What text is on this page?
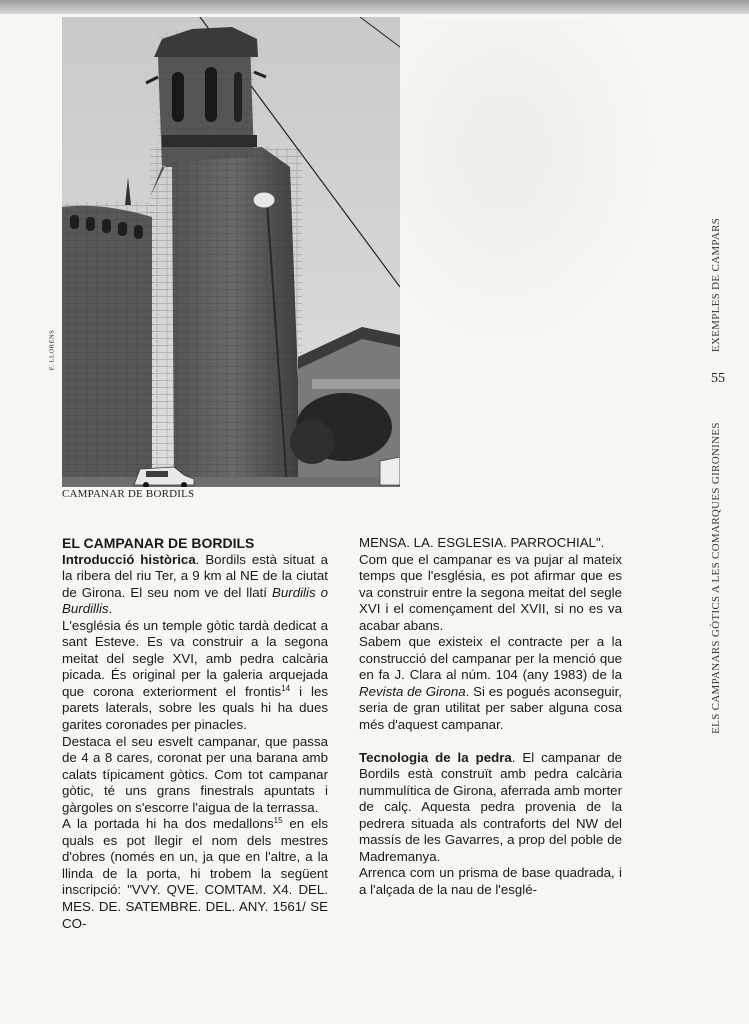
F. LLORENS
CAMPANAR DE BORDILS
EXEMPLES DE CAMPARS
55
ELS CAMPANARS GÒTICS A LES COMARQUES GIRONINES

EL CAMPANAR DE BORDILS

Introducció històrica. Bordils està situat a la ribera del riu Ter, a 9 km al NE de la ciutat de Girona. El seu nom ve del llatí Burdilis o Burdillis.

L'església és un temple gòtic tardà dedicat a sant Esteve. Es va construir a la segona meitat del segle XVI, amb pedra calcària picada. És original per la galeria arquejada que corona exteriorment el frontis$^{14}$ i les parets laterals, sobre les quals hi ha dues garites coronades per pinacles.

Destaca el seu esvelt campanar, que passa de 4 a 8 cares, coronat per una barana amb calats típicament gòtics. Com tot campanar gòtic, té uns grans finestrals apuntats i gàrgoles on s'escorre l'aigua de la terrassa.

A la portada hi ha dos medallons$^{15}$ en els quals es pot llegir el nom dels mestres d'obres (només en un, ja que en l'altre, a la llinda de la porta, hi trobem la següent inscripció: "VVY. QVE. COMTAM. X4. DEL. MES. DE. SATEMBRE. DEL. ANY. 1561/ SE CO-

MENSA. LA. ESGLESIA. PARROCHIAL".

Com que el campanar es va pujar al mateix temps que l'església, es pot afirmar que es va construir entre la segona meitat del segle XVI i el començament del XVII, si no es va acabar abans.

Sabem que existeix el contracte per a la construcció del campanar per la menció que en fa J. Clara al núm. 104 (any 1983) de la Revista de Girona. Si es pogués aconseguir, seria de gran utilitat per saber alguna cosa més d'aquest campanar.

Tecnologia de la pedra. El campanar de Bordils està construït amb pedra calcària nummulítica de Girona, aferrada amb morter de calç. Aquesta pedra provenia de la pedrera situada als contraforts del NW del massís de les Gavarres, a prop del poble de Madremanya.

Arrenca com un prisma de base quadrada, i a l'alçada de la nau de l'esglé-
